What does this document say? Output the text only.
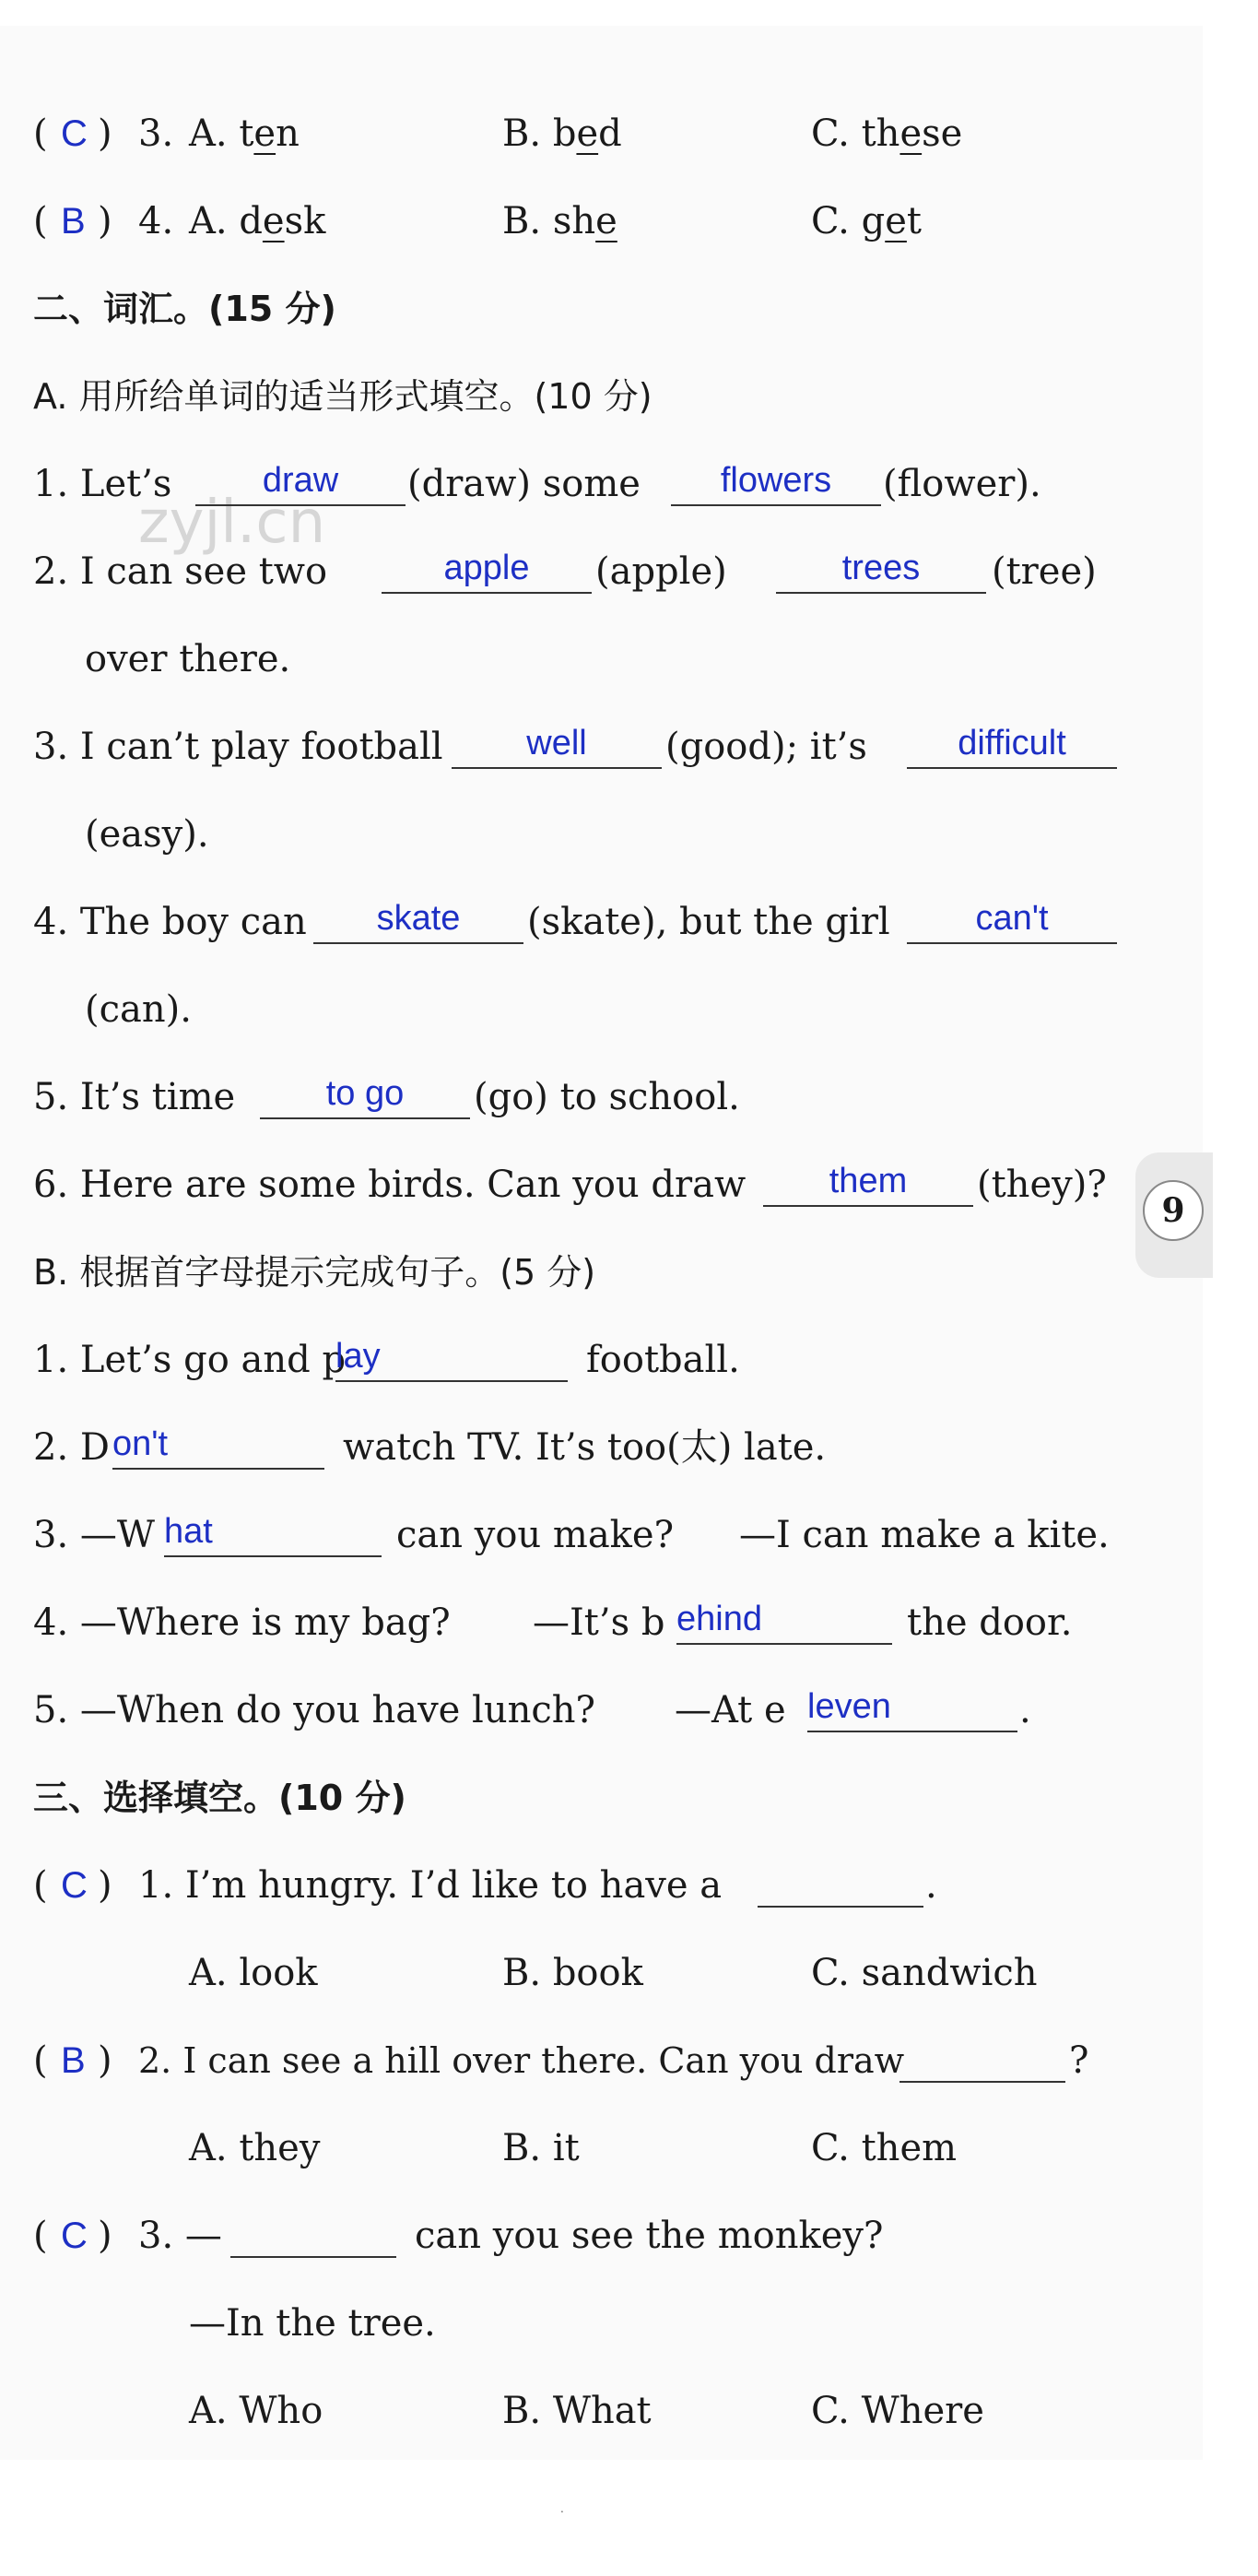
zyjl.cn
( C ) 3. A. ten	B. bed	C. these
( B ) 4. A. desk	B. she	C. get
二、词汇。(15 分)
A. 用所给单词的适当形式填空。(10 分)
1. Let’s	draw (draw) some flowers (flower).
2. I can see two	apple (apple)	trees (tree)
over there.
3. I can’t play football well (good); it’s	difficult
(easy).
4. The boy can skate (skate), but the girl can't
(can).
5. It’s time	to go (go) to school.
6. Here are some birds. Can you draw them (they)?
9
B. 根据首字母提示完成句子。(5 分)
1. Let’s go and p
lay	football.
2. D on't	watch TV. It’s too(太) late.
3. —W hat	can you make? —I can make a kite.
4. —Where is my bag? —It’s b ehind	the door.
5. —When do you have lunch? —At e leven	.
三、选择填空。(10 分)
( C ) 1. I’m hungry. I’d like to have a	.
A. look	B. book	C. sandwich
( B ) 2. I can see a hill over there. Can you draw	?
A. they	B. it	C. them
( C ) 3. —	can you see the monkey?
—In the tree.
A. Who	B. What	C. Where
.
